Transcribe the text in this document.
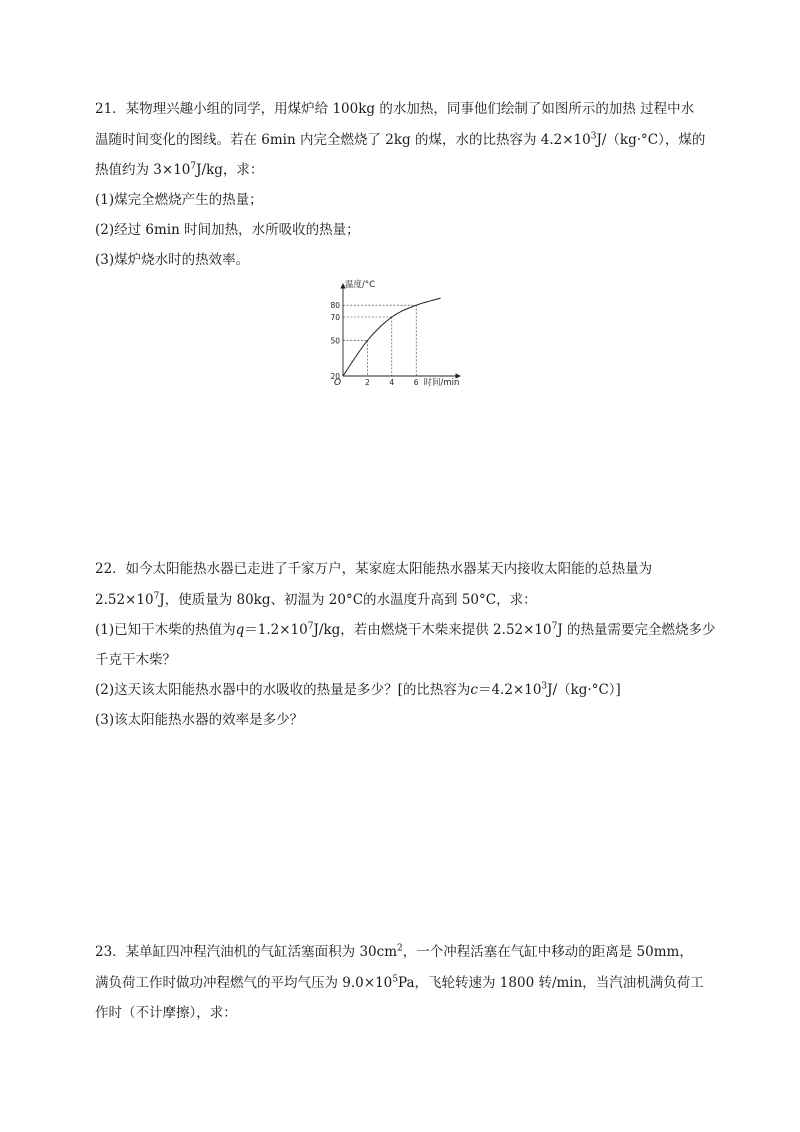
21．某物理兴趣小组的同学，用煤炉给 100kg 的水加热，同事他们绘制了如图所示的加热 过程中水
温随时间变化的图线。若在 6min 内完全燃烧了 2kg 的煤，水的比热容为 $4.2\times 10^3J/(kg\cdot^\circ C)$，煤的
热值约为 $3\times 10^7J/kg$，求：
(1)煤完全燃烧产生的热量；
(2)经过 6min 时间加热，水所吸收的热量；
(3)煤炉烧水时的热效率。
2	4	6
20
50
70
80
温度/°C
时间/min
O
22．如今太阳能热水器已走进了千家万户，某家庭太阳能热水器某天内接收太阳能的总热量为
$2.52\times 10^7J$，使质量为 80kg、初温为 20°C的水温度升高到 50°C，求：
(1)已知干木柴的热值为$q=1.2\times 10^7J/kg$，若由燃烧干木柴来提供 $2.52\times 10^7J$ 的热量需要完全燃烧多少
千克干木柴？
(2)这天该太阳能热水器中的水吸收的热量是多少？[的比热容为$c=4.2\times 10^3J/(kg\cdot^\circ C)$]
(3)该太阳能热水器的效率是多少？
23．某单缸四冲程汽油机的气缸活塞面积为 $30cm^2$，一个冲程活塞在气缸中移动的距离是 50mm，
满负荷工作时做功冲程燃气的平均气压为 $9.0\times 10^5Pa$，飞轮转速为 1800 转/min，当汽油机满负荷工
作时（不计摩擦），求：
